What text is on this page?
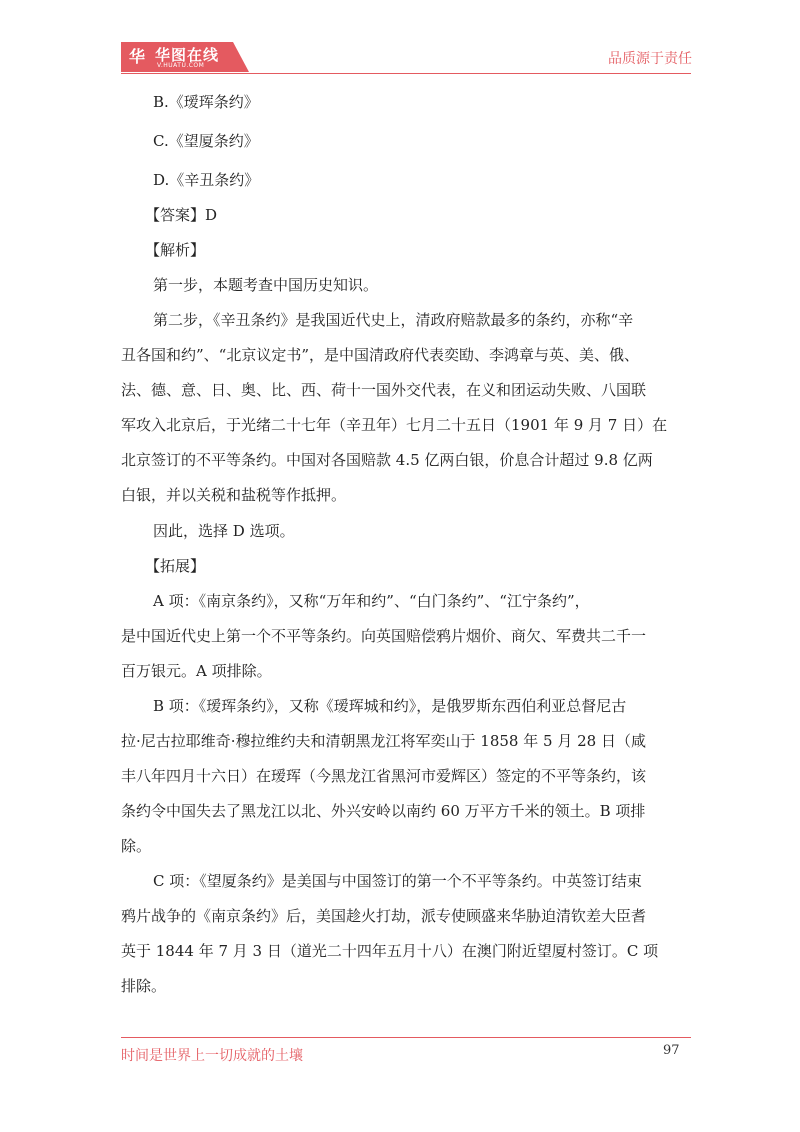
华 华图在线
V.HUATU.COM	品质源于责任
B.《瑷珲条约》
C.《望厦条约》
D.《辛丑条约》
【答案】D
【解析】
第一步，本题考查中国历史知识。
第二步，《辛丑条约》是我国近代史上，清政府赔款最多的条约，亦称“辛
丑各国和约”、“北京议定书”，是中国清政府代表奕劻、李鸿章与英、美、俄、
法、德、意、日、奥、比、西、荷十一国外交代表，在义和团运动失败、八国联
军攻入北京后，于光绪二十七年（辛丑年）七月二十五日（1901 年 9 月 7 日）在
北京签订的不平等条约。中国对各国赔款 4.5 亿两白银，价息合计超过 9.8 亿两
白银，并以关税和盐税等作抵押。
因此，选择 D 选项。
【拓展】
A 项：《南京条约》，又称“万年和约”、“白门条约”、“江宁条约”，
是中国近代史上第一个不平等条约。向英国赔偿鸦片烟价、商欠、军费共二千一
百万银元。A 项排除。
B 项：《瑷珲条约》，又称《瑷珲城和约》，是俄罗斯东西伯利亚总督尼古
拉·尼古拉耶维奇·穆拉维约夫和清朝黑龙江将军奕山于 1858 年 5 月 28 日（咸
丰八年四月十六日）在瑷珲（今黑龙江省黑河市爱辉区）签定的不平等条约，该
条约令中国失去了黑龙江以北、外兴安岭以南约 60 万平方千米的领土。B 项排
除。
C 项：《望厦条约》是美国与中国签订的第一个不平等条约。中英签订结束
鸦片战争的《南京条约》后，美国趁火打劫，派专使顾盛来华胁迫清钦差大臣耆
英于 1844 年 7 月 3 日（道光二十四年五月十八）在澳门附近望厦村签订。C 项
排除。
时间是世界上一切成就的土壤	97
